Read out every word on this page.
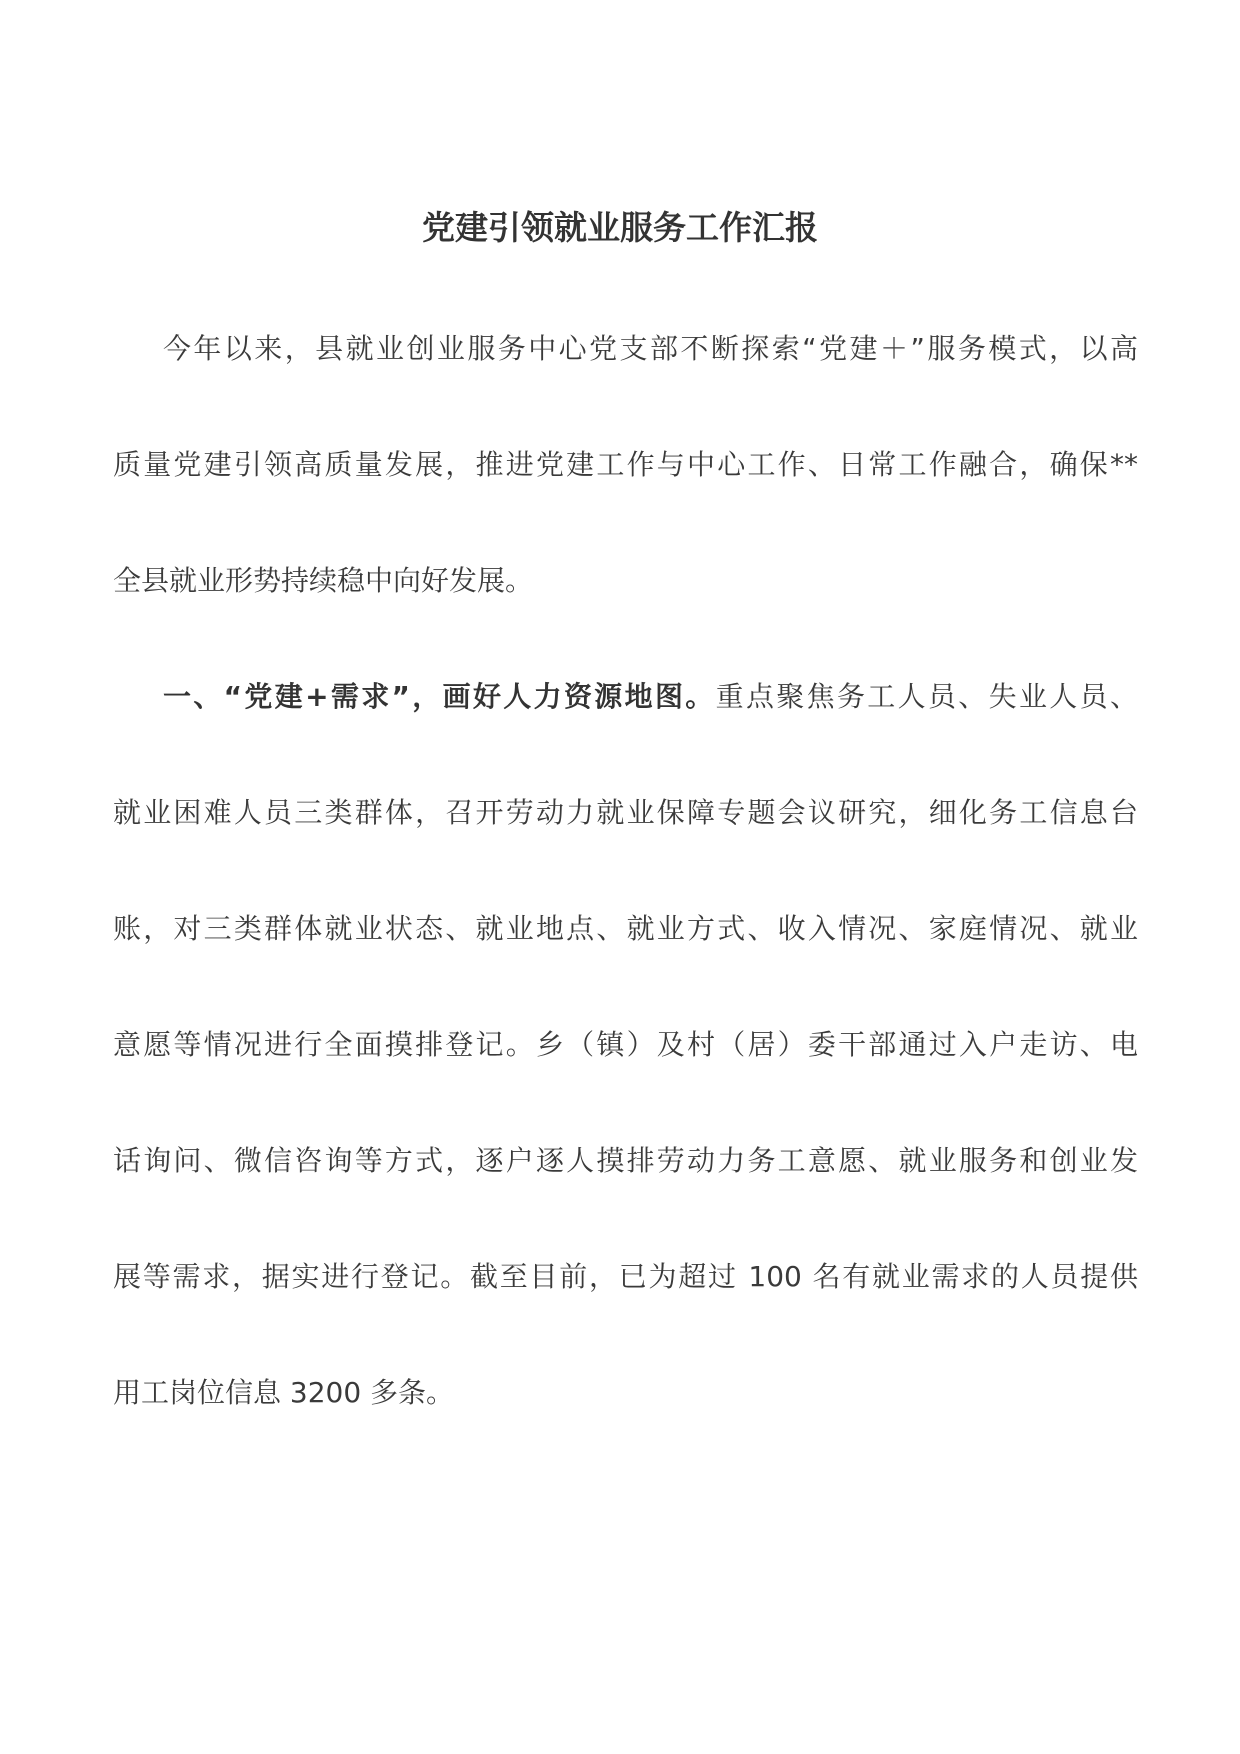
党建引领就业服务工作汇报

今年以来，县就业创业服务中心党支部不断探索“党建＋”服务模式，以高

质量党建引领高质量发展，推进党建工作与中心工作、日常工作融合，确保**

全县就业形势持续稳中向好发展。

一、“党建+需求”，画好人力资源地图。重点聚焦务工人员、失业人员、

就业困难人员三类群体，召开劳动力就业保障专题会议研究，细化务工信息台

账，对三类群体就业状态、就业地点、就业方式、收入情况、家庭情况、就业

意愿等情况进行全面摸排登记。乡（镇）及村（居）委干部通过入户走访、电

话询问、微信咨询等方式，逐户逐人摸排劳动力务工意愿、就业服务和创业发

展等需求，据实进行登记。截至目前，已为超过 100 名有就业需求的人员提供

用工岗位信息 3200 多条。
